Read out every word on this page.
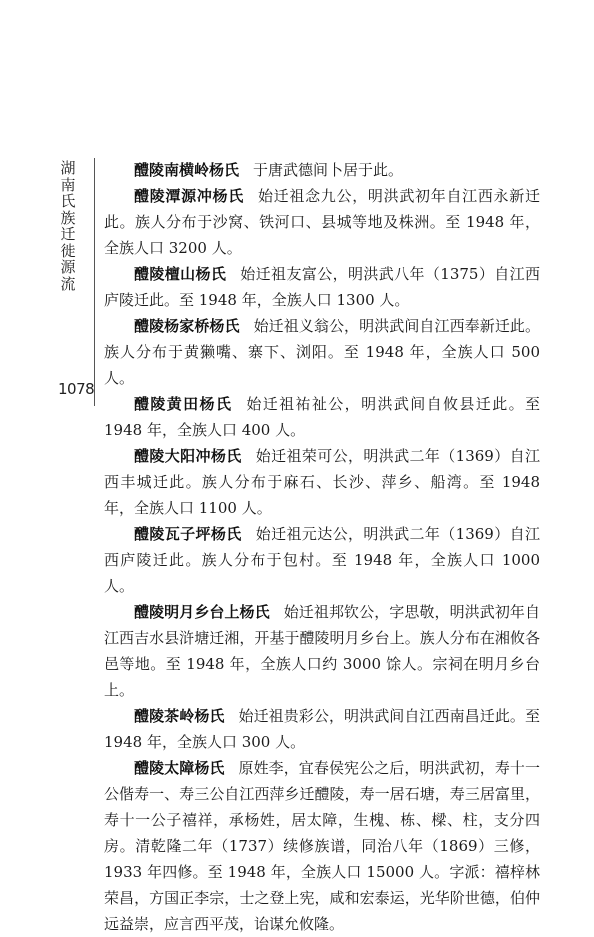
湖南氏族迁徙源流
1078

醴陵南横岭杨氏 于唐武德间卜居于此。

醴陵潭源冲杨氏 始迁祖念九公，明洪武初年自江西永新迁此。族人分布于沙窝、铁河口、县城等地及株洲。至 1948 年，全族人口 3200 人。

醴陵檀山杨氏 始迁祖友富公，明洪武八年（1375）自江西庐陵迁此。至 1948 年，全族人口 1300 人。

醴陵杨家桥杨氏 始迁祖义翁公，明洪武间自江西奉新迁此。族人分布于黄獭嘴、寨下、浏阳。至 1948 年，全族人口 500 人。

醴陵黄田杨氏 始迁祖祐祉公，明洪武间自攸县迁此。至 1948 年，全族人口 400 人。

醴陵大阳冲杨氏 始迁祖荣可公，明洪武二年（1369）自江西丰城迁此。族人分布于麻石、长沙、萍乡、船湾。至 1948 年，全族人口 1100 人。

醴陵瓦子坪杨氏 始迁祖元达公，明洪武二年（1369）自江西庐陵迁此。族人分布于包村。至 1948 年，全族人口 1000 人。

醴陵明月乡台上杨氏 始迁祖邦钦公，字思敬，明洪武初年自江西吉水县浒塘迁湘，开基于醴陵明月乡台上。族人分布在湘攸各邑等地。至 1948 年，全族人口约 3000 馀人。宗祠在明月乡台上。

醴陵茶岭杨氏 始迁祖贵彩公，明洪武间自江西南昌迁此。至 1948 年，全族人口 300 人。

醴陵太障杨氏 原姓李，宜春侯宪公之后，明洪武初，寿十一公偕寿一、寿三公自江西萍乡迁醴陵，寿一居石塘，寿三居富里，寿十一公子禧祥，承杨姓，居太障，生槐、栋、樑、柱，支分四房。清乾隆二年（1737）续修族谱，同治八年（1869）三修，1933 年四修。至 1948 年，全族人口 15000 人。字派：禧梓林荣昌，方国正李宗，士之登上宪，咸和宏泰运，光华阶世德，伯仲远益崇，应言西平茂，诒谋允攸隆。
